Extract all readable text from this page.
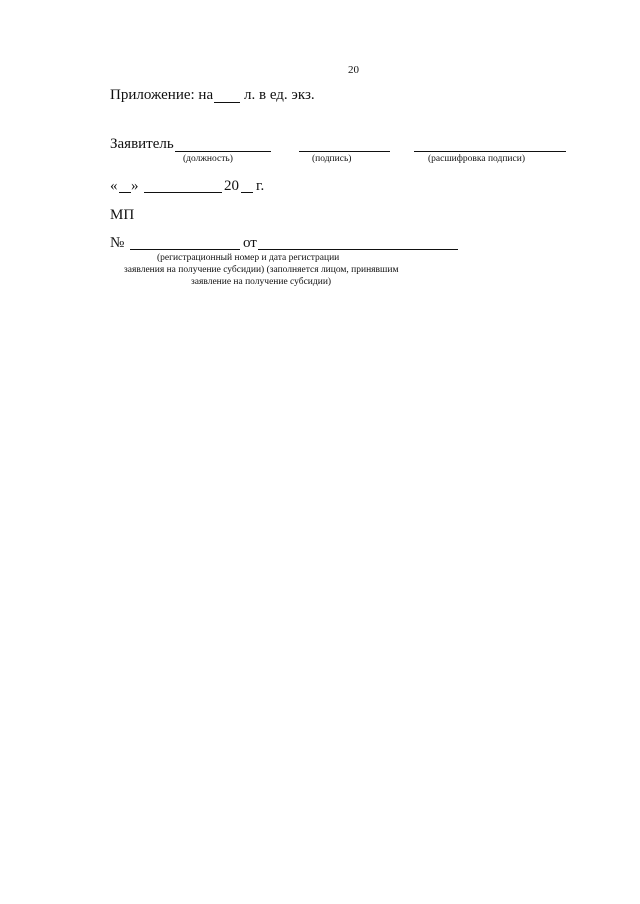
20
Приложение: на л. в ед. экз.
Заявитель
(должность)	(подпись)	(расшифровка подписи)
« »	20 г.
МП
№	от
(регистрационный номер и дата регистрации
заявления на получение субсидии) (заполняется лицом, принявшим
заявление на получение субсидии)
